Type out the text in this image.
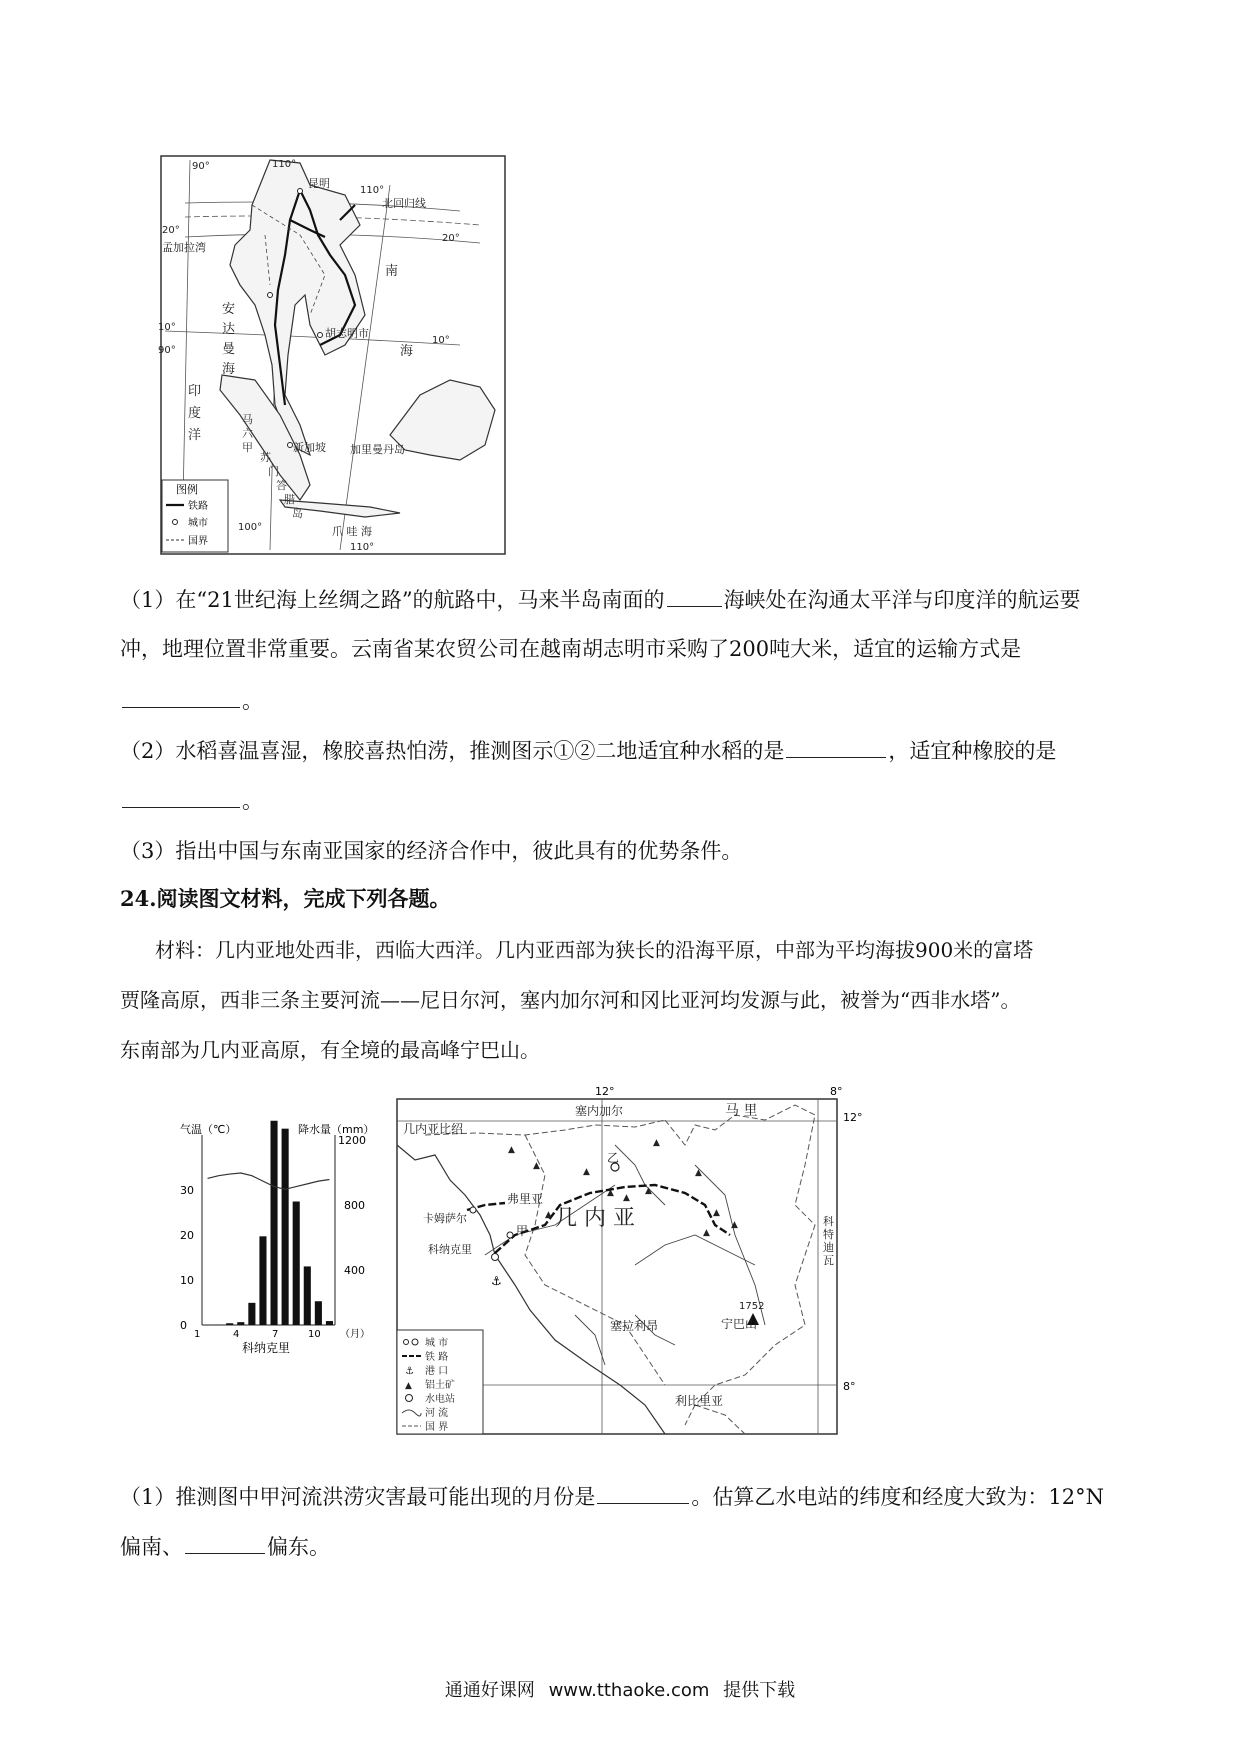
90°	110°
昆明
110°
北回归线
20°
孟加拉湾
20°
10°
10°
90°
胡志明市
新加坡 加里曼丹岛
100°
110°
爪 哇 海
安
达
曼
海
印
度
洋
南
海
马
六
甲
苏
门
答
腊
岛
图例
铁路
城市
国界
（1）在“21世纪海上丝绸之路”的航路中，马来半岛南面的	海峡处在沟通太平洋与印度洋的航运要
冲，地理位置非常重要。云南省某农贸公司在越南胡志明市采购了200吨大米，适宜的运输方式是
。
（2）水稻喜温喜湿，橡胶喜热怕涝，推测图示①②二地适宜种水稻的是	，适宜种橡胶的是
。
（3）指出中国与东南亚国家的经济合作中，彼此具有的优势条件。
24.阅读图文材料，完成下列各题。
材料：几内亚地处西非，西临大西洋。几内亚西部为狭长的沿海平原，中部为平均海拔900米的富塔
贾隆高原，西非三条主要河流——尼日尔河，塞内加尔河和冈比亚河均发源与此，被誉为“西非水塔”。
东南部为几内亚高原，有全境的最高峰宁巴山。
气温（℃）	降水量（mm）
科纳克里
（月）
1	4	7	10
0
10
20
30
400
800
1200
12°	8°
12°
8°
▲
▲
▲
▲ ▲
▲
▲
▲	▲
▲
▲
▲
⚓
塞内加尔	马 里
几内亚比绍
弗里亚
几 内 亚
卡姆萨尔
甲
乙
科纳克里
塞拉利昂
利比里亚
宁巴山
1752
科
特
迪
瓦
城 市
铁 路
⚓ 港 口
▲ 铝土矿
水电站
河 流
国 界
（1）推测图中甲河流洪涝灾害最可能出现的月份是	。估算乙水电站的纬度和经度大致为：12°N
偏南、	偏东。
通通好课网 www.tthaoke.com 提供下载
